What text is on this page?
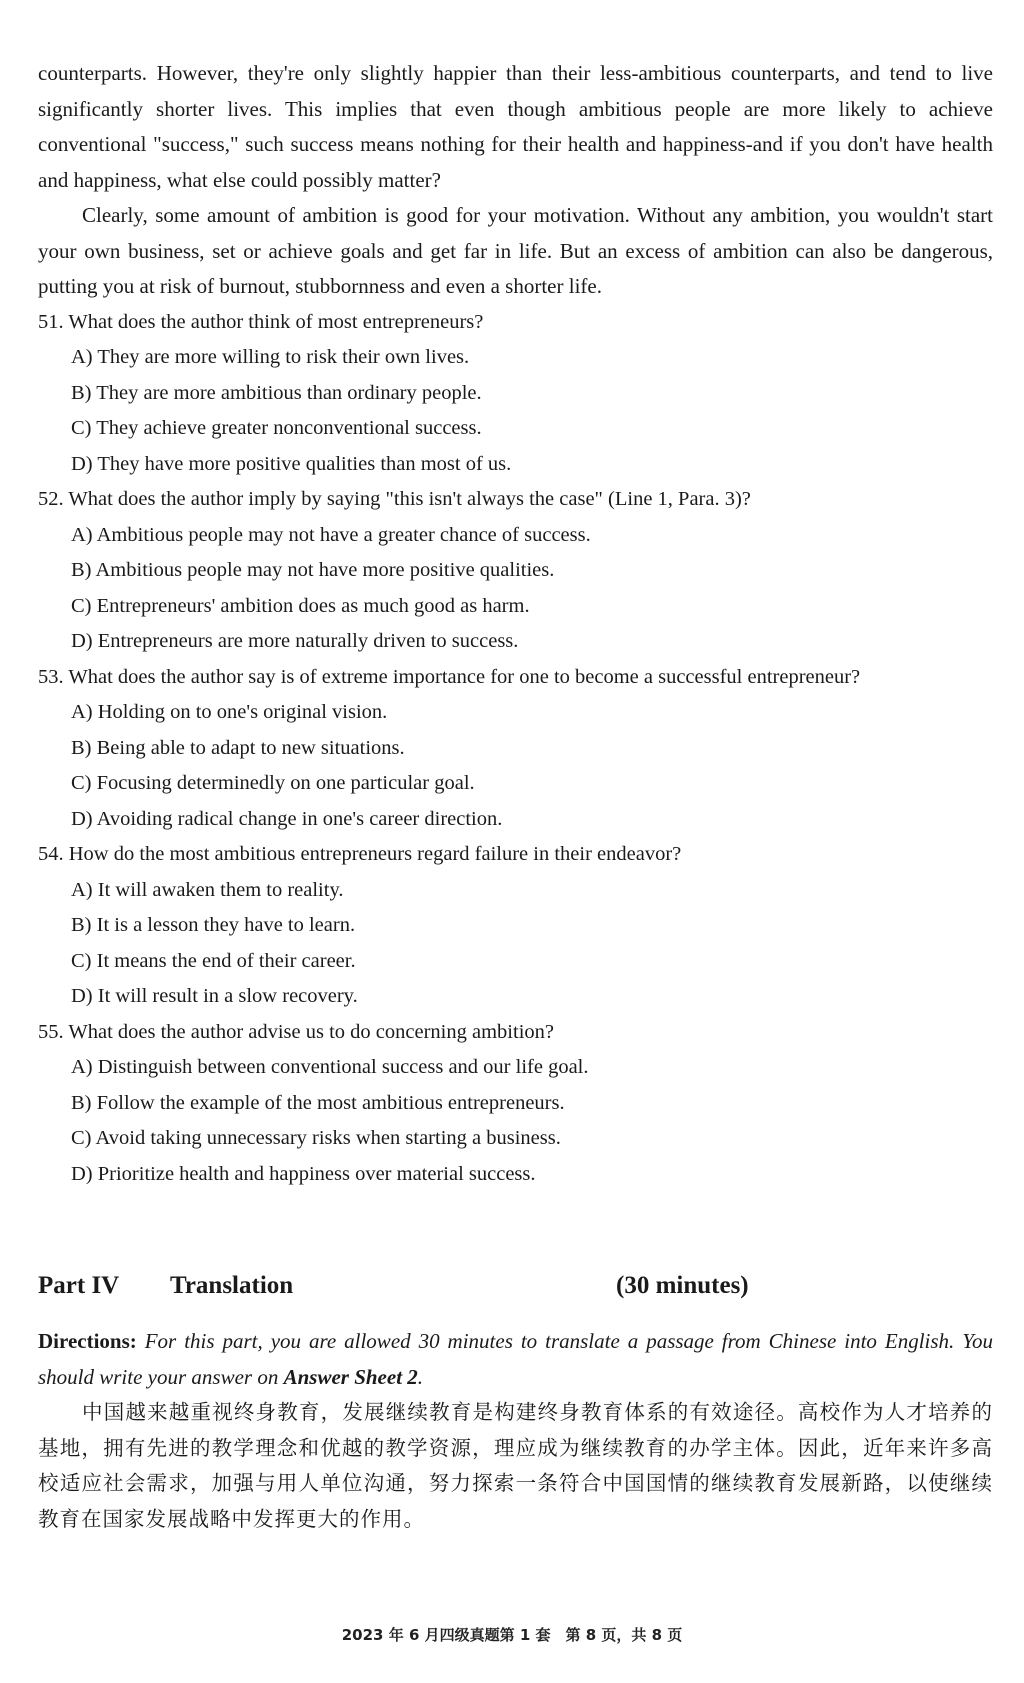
counterparts. However, they're only slightly happier than their less-ambitious counterparts, and tend to live significantly shorter lives. This implies that even though ambitious people are more likely to achieve conventional "success," such success means nothing for their health and happiness-and if you don't have health and happiness, what else could possibly matter?

Clearly, some amount of ambition is good for your motivation. Without any ambition, you wouldn't start your own business, set or achieve goals and get far in life. But an excess of ambition can also be dangerous, putting you at risk of burnout, stubbornness and even a shorter life.

51. What does the author think of most entrepreneurs?

A) They are more willing to risk their own lives.

B) They are more ambitious than ordinary people.

C) They achieve greater nonconventional success.

D) They have more positive qualities than most of us.

52. What does the author imply by saying "this isn't always the case" (Line 1, Para. 3)?

A) Ambitious people may not have a greater chance of success.

B) Ambitious people may not have more positive qualities.

C) Entrepreneurs' ambition does as much good as harm.

D) Entrepreneurs are more naturally driven to success.

53. What does the author say is of extreme importance for one to become a successful entrepreneur?

A) Holding on to one's original vision.

B) Being able to adapt to new situations.

C) Focusing determinedly on one particular goal.

D) Avoiding radical change in one's career direction.

54. How do the most ambitious entrepreneurs regard failure in their endeavor?

A) It will awaken them to reality.

B) It is a lesson they have to learn.

C) It means the end of their career.

D) It will result in a slow recovery.

55. What does the author advise us to do concerning ambition?

A) Distinguish between conventional success and our life goal.

B) Follow the example of the most ambitious entrepreneurs.

C) Avoid taking unnecessary risks when starting a business.

D) Prioritize health and happiness over material success.

Part IV Translation	(30 minutes)

Directions: For this part, you are allowed 30 minutes to translate a passage from Chinese into English. You should write your answer on Answer Sheet 2.

中国越来越重视终身教育，发展继续教育是构建终身教育体系的有效途径。高校作为人才培养的基地，拥有先进的教学理念和优越的教学资源，理应成为继续教育的办学主体。因此，近年来许多高校适应社会需求，加强与用人单位沟通，努力探索一条符合中国国情的继续教育发展新路，以使继续教育在国家发展战略中发挥更大的作用。

2023 年 6 月四级真题第 1 套　第 8 页，共 8 页
